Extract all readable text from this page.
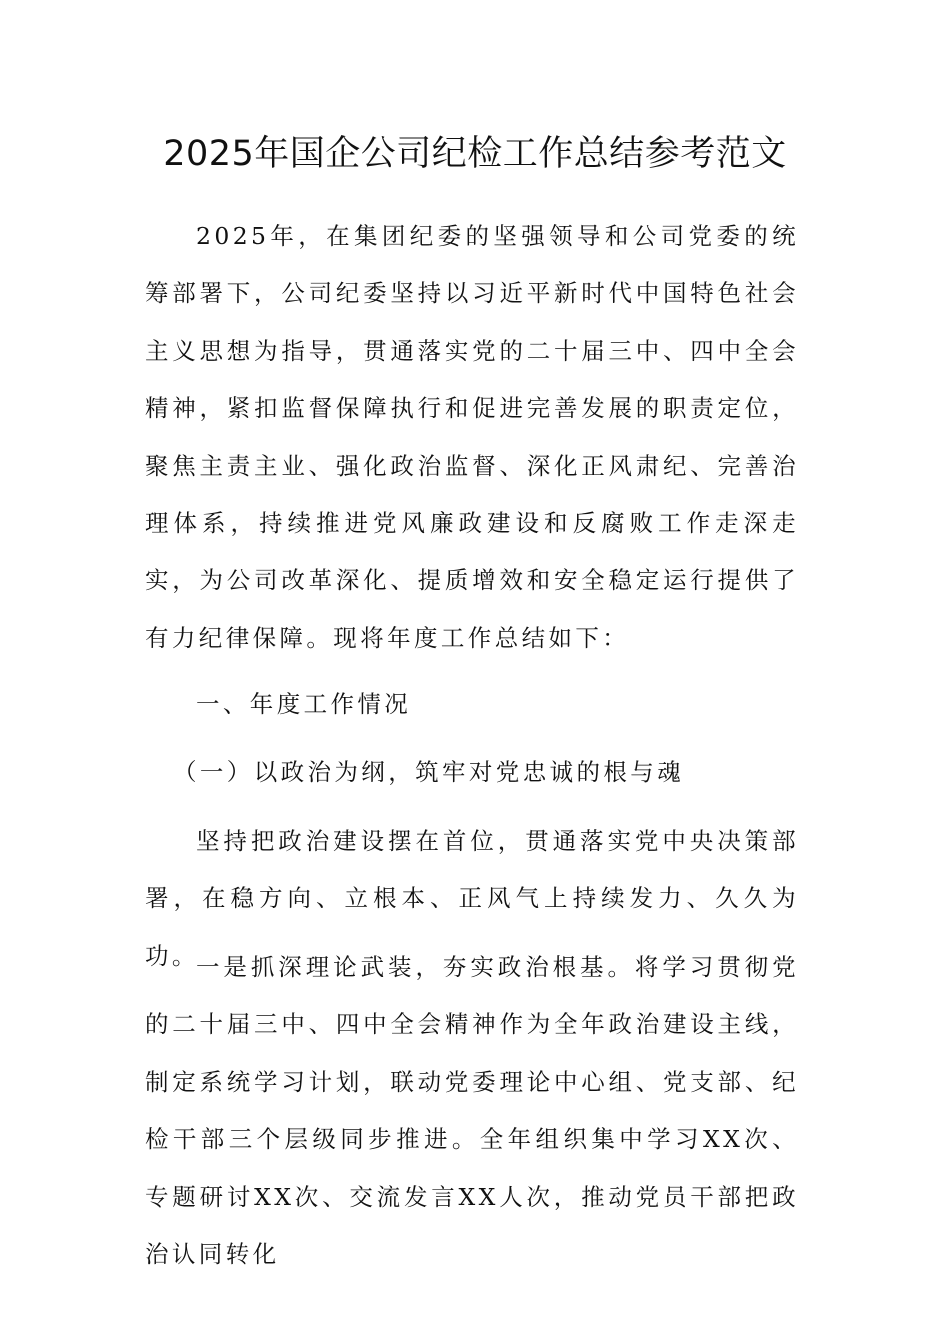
2025年国企公司纪检工作总结参考范文
2025年，在集团纪委的坚强领导和公司党委的统筹部署下，公司纪委坚持以习近平新时代中国特色社会主义思想为指导，贯通落实党的二十届三中、四中全会精神，紧扣监督保障执行和促进完善发展的职责定位，聚焦主责主业、强化政治监督、深化正风肃纪、完善治理体系，持续推进党风廉政建设和反腐败工作走深走实，为公司改革深化、提质增效和安全稳定运行提供了有力纪律保障。现将年度工作总结如下：
一、年度工作情况
（一）以政治为纲，筑牢对党忠诚的根与魂
坚持把政治建设摆在首位，贯通落实党中央决策部署，在稳方向、立根本、正风气上持续发力、久久为功。
一是抓深理论武装，夯实政治根基。将学习贯彻党的二十届三中、四中全会精神作为全年政治建设主线，制定系统学习计划，联动党委理论中心组、党支部、纪检干部三个层级同步推进。全年组织集中学习XX次、专题研讨XX次、交流发言XX人次，推动党员干部把政治认同转化
